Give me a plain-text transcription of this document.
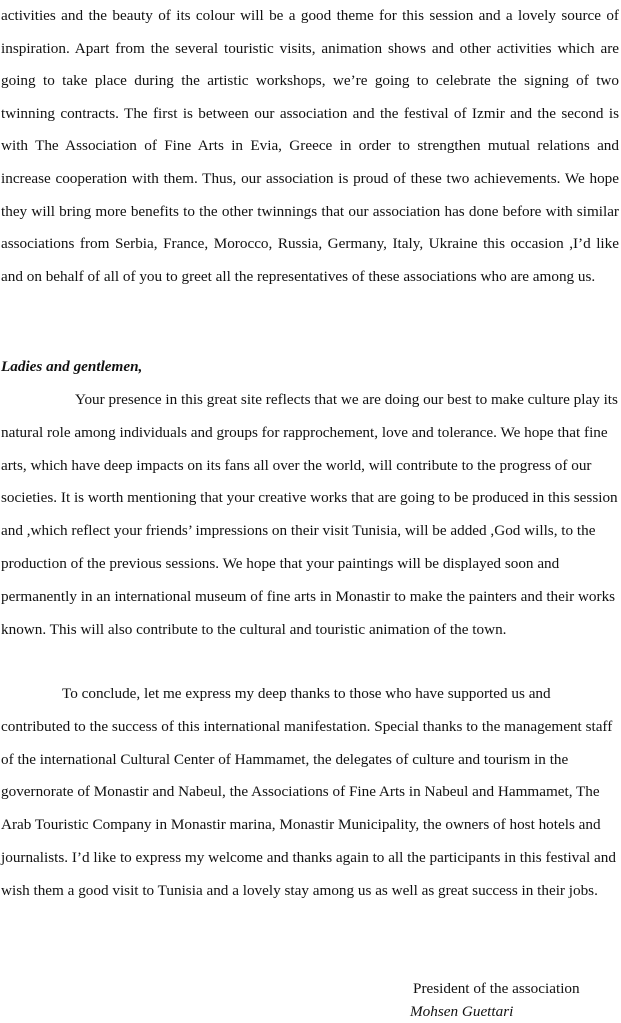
activities and the beauty of its colour will be a good theme for this session and a lovely source of inspiration. Apart from the several touristic visits, animation shows and other activities which are going to take place during the artistic workshops, we’re going to celebrate the signing of two twinning contracts. The first is between our association and the festival of Izmir and the second is with The Association of Fine Arts in Evia, Greece in order to strengthen mutual relations and increase cooperation with them. Thus, our association is proud of these two achievements. We hope they will bring more benefits to the other twinnings that our association has done before with similar associations from Serbia, France, Morocco, Russia, Germany, Italy, Ukraine this occasion ,I’d like and on behalf of all of you to greet all the representatives of these associations who are among us.

Ladies and gentlemen,

Your presence in this great site reflects that we are doing our best to make culture play its natural role among individuals and groups for rapprochement, love and tolerance. We hope that fine arts, which have deep impacts on its fans all over the world, will contribute to the progress of our societies. It is worth mentioning that your creative works that are going to be produced in this session and ,which reflect your friends’ impressions on their visit Tunisia, will be added ,God wills, to the production of the previous sessions. We hope that your paintings will be displayed soon and permanently in an international museum of fine arts in Monastir to make the painters and their works known. This will also contribute to the cultural and touristic animation of the town.

To conclude, let me express my deep thanks to those who have supported us and contributed to the success of this international manifestation. Special thanks to the management staff of the international Cultural Center of Hammamet, the delegates of culture and tourism in the governorate of Monastir and Nabeul, the Associations of Fine Arts in Nabeul and Hammamet, The Arab Touristic Company in Monastir marina, Monastir Municipality, the owners of host hotels and journalists. I’d like to express my welcome and thanks again to all the participants in this festival and wish them a good visit to Tunisia and a lovely stay among us as well as great success in their jobs.

President of the association

Mohsen Guettari
